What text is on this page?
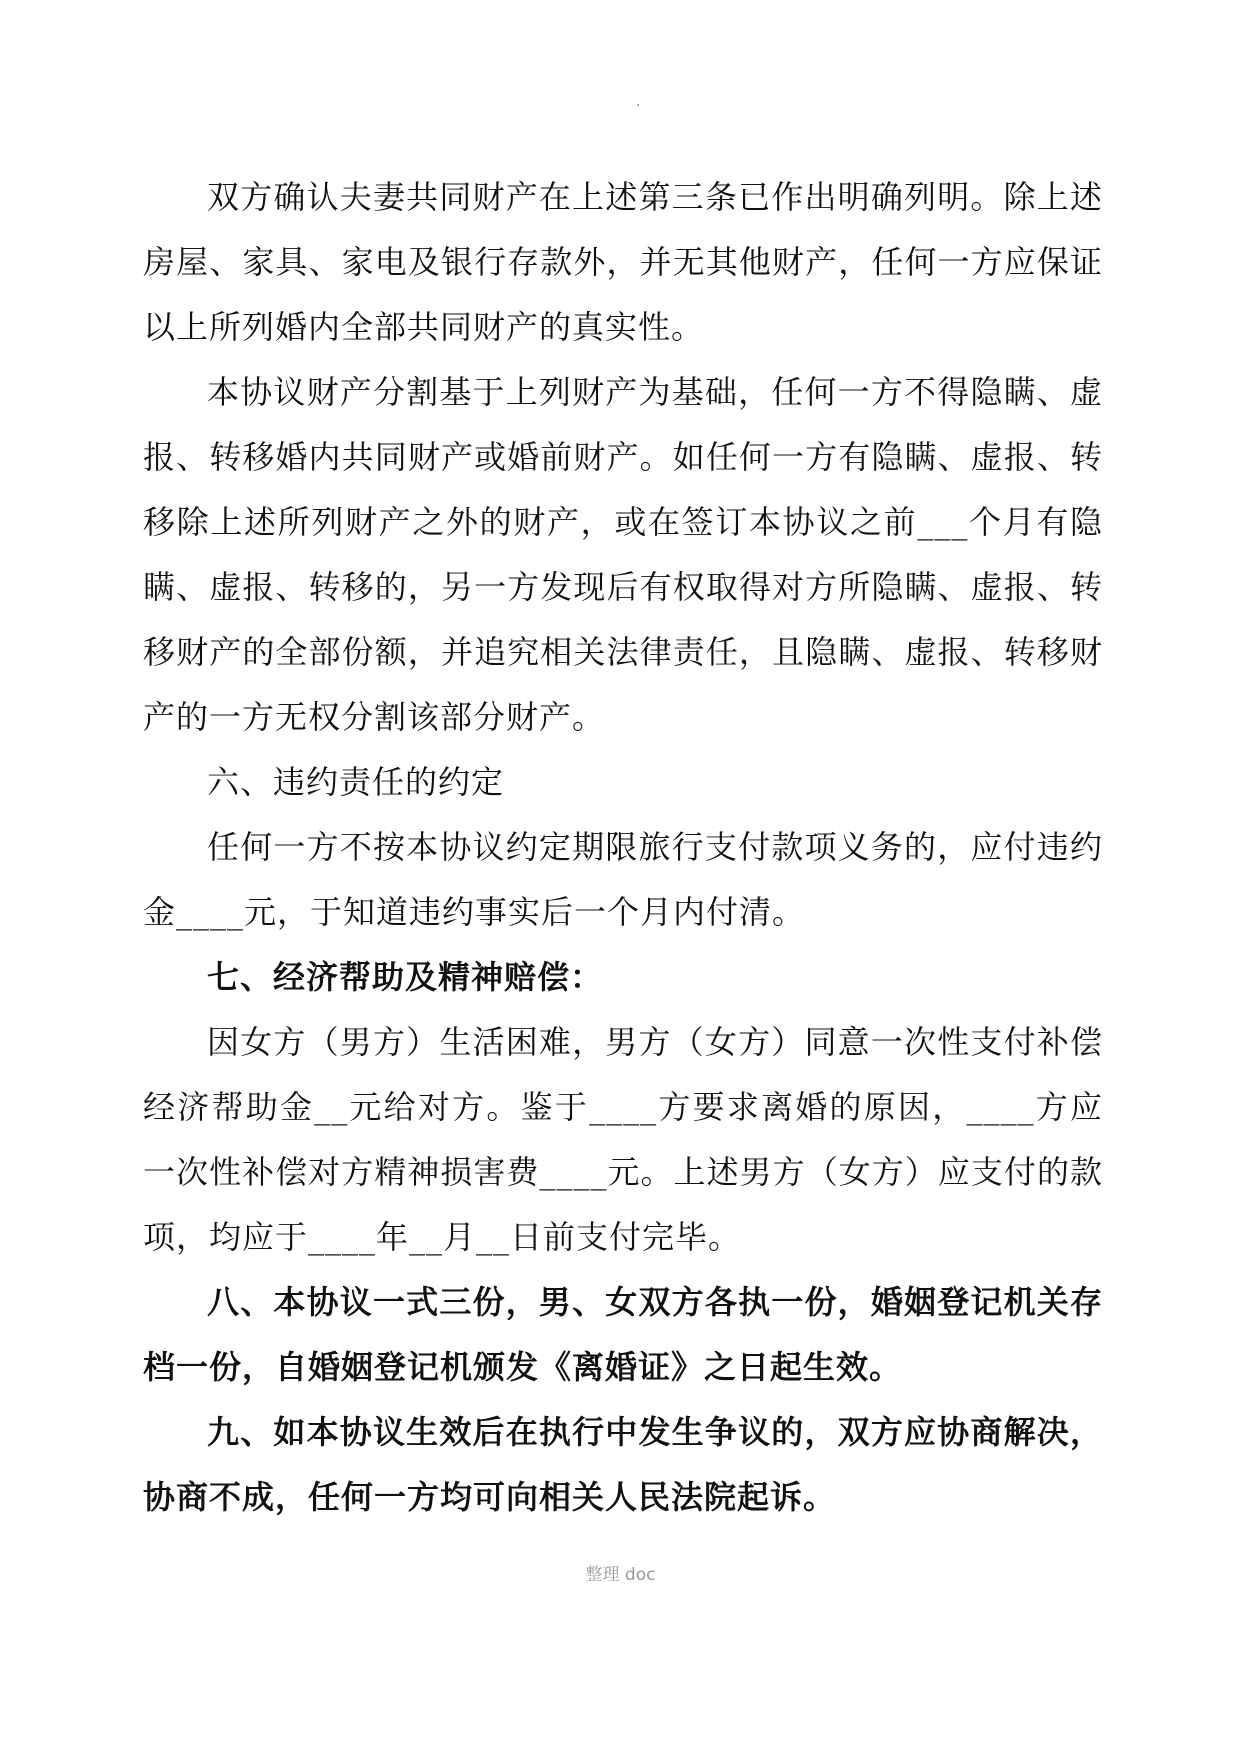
.

双方确认夫妻共同财产在上述第三条已作出明确列明。除上述房屋、家具、家电及银行存款外，并无其他财产，任何一方应保证以上所列婚内全部共同财产的真实性。

本协议财产分割基于上列财产为基础，任何一方不得隐瞒、虚报、转移婚内共同财产或婚前财产。如任何一方有隐瞒、虚报、转移除上述所列财产之外的财产，或在签订本协议之前___个月有隐瞒、虚报、转移的，另一方发现后有权取得对方所隐瞒、虚报、转移财产的全部份额，并追究相关法律责任，且隐瞒、虚报、转移财产的一方无权分割该部分财产。

六、违约责任的约定

任何一方不按本协议约定期限旅行支付款项义务的，应付违约金____元，于知道违约事实后一个月内付清。

七、经济帮助及精神赔偿：

因女方（男方）生活困难，男方（女方）同意一次性支付补偿经济帮助金__元给对方。鉴于____方要求离婚的原因，____方应一次性补偿对方精神损害费____元。上述男方（女方）应支付的款项，均应于____年__月__日前支付完毕。

八、本协议一式三份，男、女双方各执一份，婚姻登记机关存档一份，自婚姻登记机颁发《离婚证》之日起生效。

九、如本协议生效后在执行中发生争议的，双方应协商解决，协商不成，任何一方均可向相关人民法院起诉。

整理 doc
